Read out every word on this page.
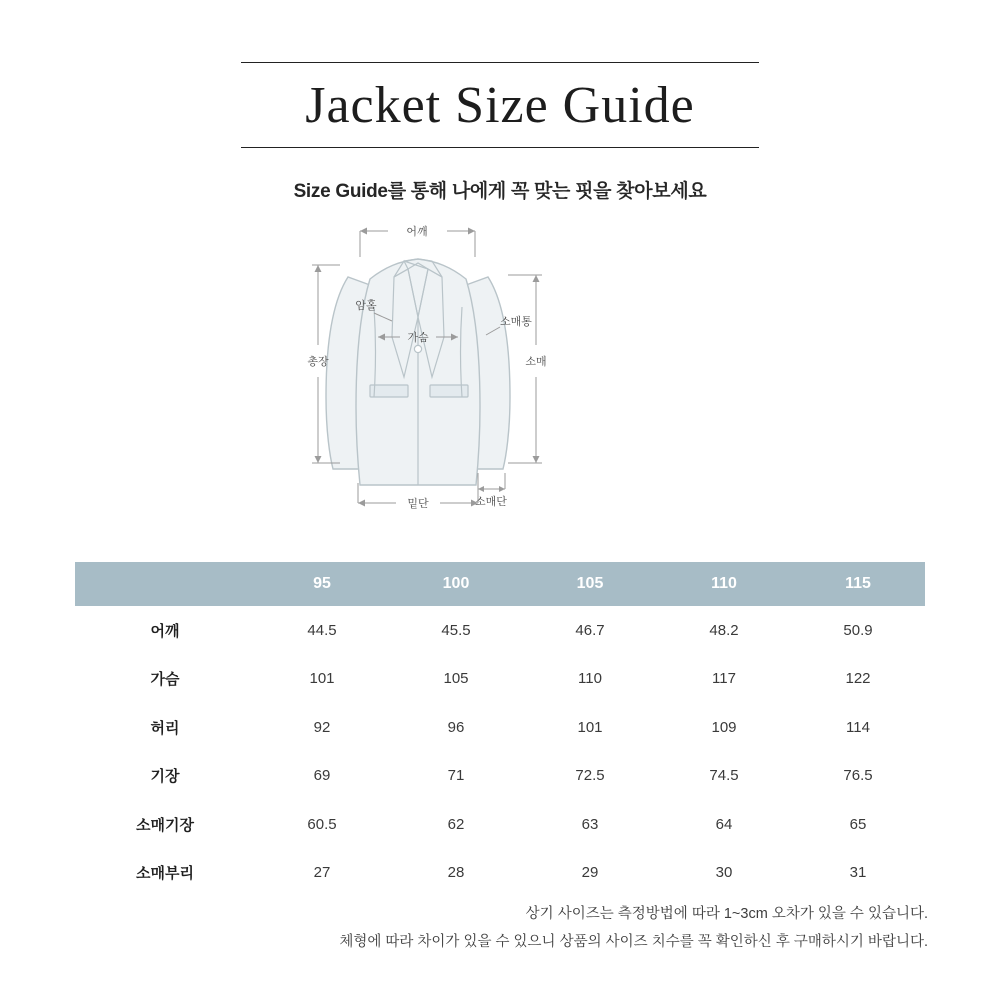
Jacket Size Guide
Size Guide를 통해 나에게 꼭 맞는 핏을 찾아보세요
어깨
암홀
가슴
소매통
총장	소매
밑단	소매단
	95	100	105	110	115
어깨	44.5	45.5	46.7	48.2	50.9
가슴	101	105	110	117	122
허리	92	96	101	109	114
기장	69	71	72.5	74.5	76.5
소매기장	60.5	62	63	64	65
소매부리	27	28	29	30	31
상기 사이즈는 측정방법에 따라 1~3cm 오차가 있을 수 있습니다.
체형에 따라 차이가 있을 수 있으니 상품의 사이즈 치수를 꼭 확인하신 후 구매하시기 바랍니다.
